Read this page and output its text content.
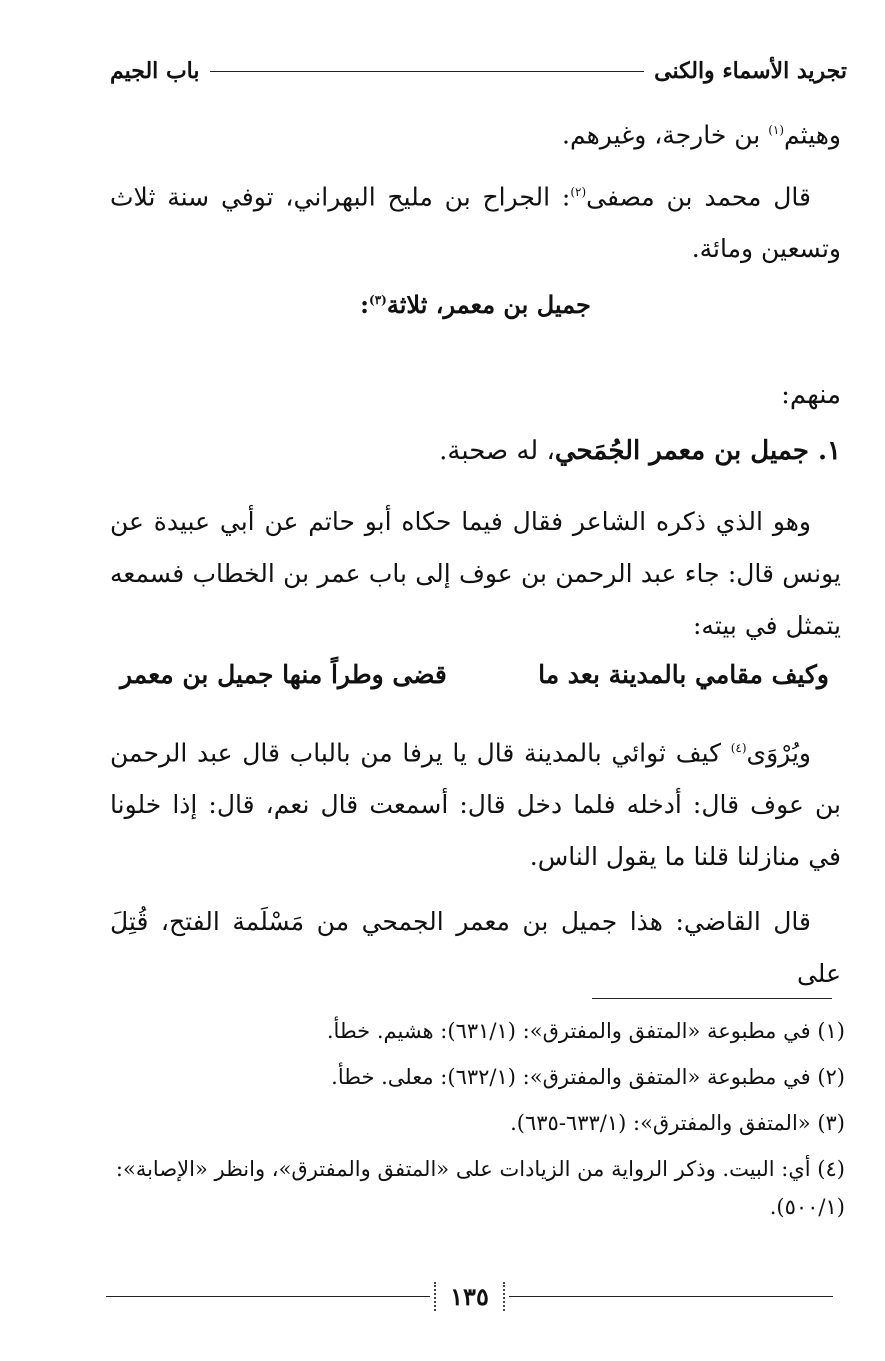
تجريد الأسماء والكنى
باب الجيم

وهيثم$^{(١)}$ بن خارجة، وغيرهم.

قال محمد بن مصفى$^{(٢)}$: الجراح بن مليح البهراني، توفي سنة ثلاث وتسعين ومائة.

جميل بن معمر، ثلاثة$^{(٣)}$:
منهم:
١. جميل بن معمر الجُمَحي، له صحبة.

وهو الذي ذكره الشاعر فقال فيما حكاه أبو حاتم عن أبي عبيدة عن يونس قال: جاء عبد الرحمن بن عوف إلى باب عمر بن الخطاب فسمعه يتمثل في بيته:

وكيف مقامي بالمدينة بعد ما
قضى وطراً منها جميل بن معمر

ويُرْوَى$^{(٤)}$ كيف ثوائي بالمدينة قال يا يرفا من بالباب قال عبد الرحمن بن عوف قال: أدخله فلما دخل قال: أسمعت قال نعم، قال: إذا خلونا في منازلنا قلنا ما يقول الناس.

قال القاضي: هذا جميل بن معمر الجمحي من مَسْلَمة الفتح، قُتِلَ على

(١) في مطبوعة «المتفق والمفترق»: (٦٣١/١): هشيم. خطأ.
(٢) في مطبوعة «المتفق والمفترق»: (٦٣٢/١): معلى. خطأ.
(٣) «المتفق والمفترق»: (٦٣٣/١-٦٣٥).
(٤) أي: البيت. وذكر الرواية من الزيادات على «المتفق والمفترق»، وانظر «الإصابة»: (٥٠٠/١).
١٣٥
